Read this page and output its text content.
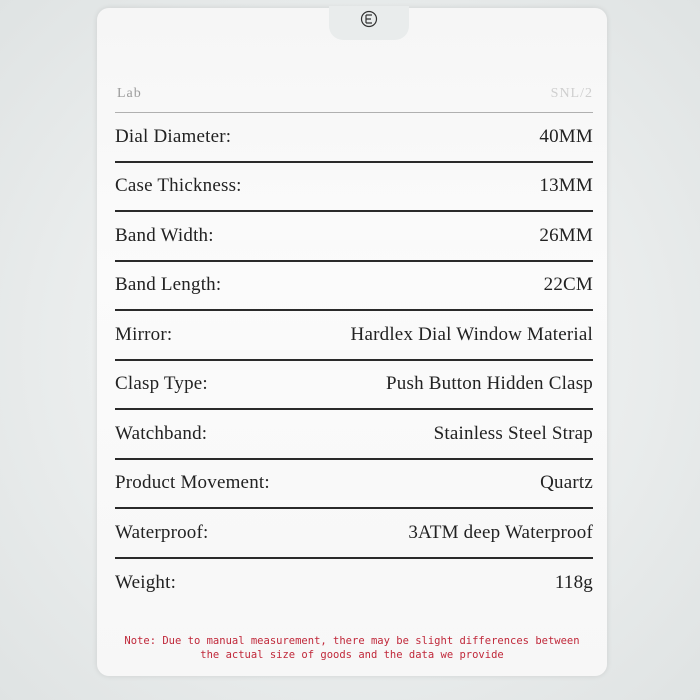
Lab	SNL/2
Dial Diameter:	40MM
Case Thickness:	13MM
Band Width:	26MM
Band Length:	22CM
Mirror:	Hardlex Dial Window Material
Clasp Type:	Push Button Hidden Clasp
Watchband:	Stainless Steel Strap
Product Movement:	Quartz
Waterproof:	3ATM deep Waterproof
Weight:	118g
Note: Due to manual measurement, there may be slight differences between
the actual size of goods and the data we provide
